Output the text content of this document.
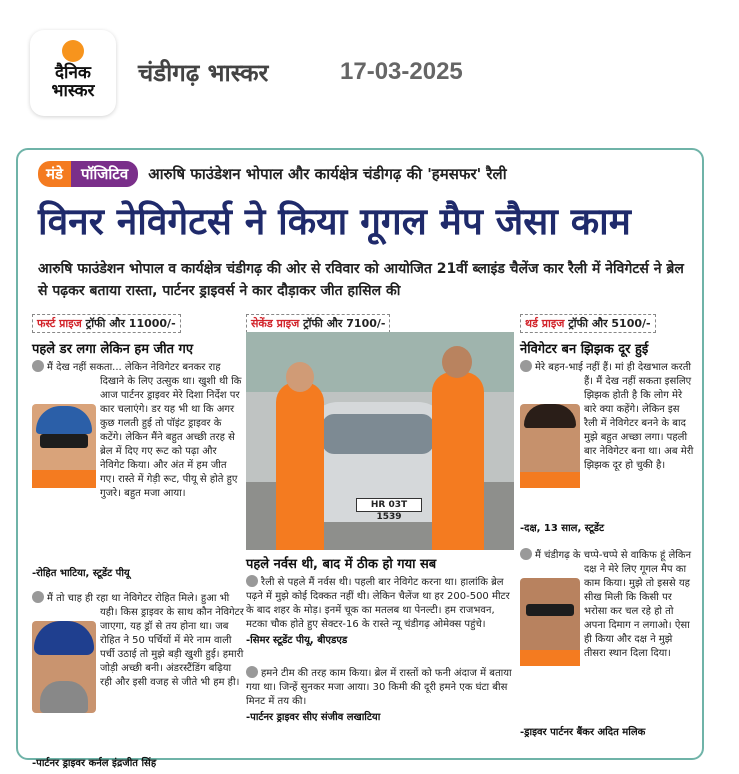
दैनिक
भास्कर
चंडीगढ़ भास्कर	17-03-2025
मंडे	पॉजिटिव	आरुषि फाउंडेशन भोपाल और कार्यक्षेत्र चंडीगढ़ की 'हमसफर' रैली
विनर नेविगेटर्स ने किया गूगल मैप जैसा काम
आरुषि फाउंडेशन भोपाल व कार्यक्षेत्र चंडीगढ़ की ओर से रविवार को आयोजित 21वीं ब्लाइंड चैलेंज कार रैली में नेविगेटर्स ने ब्रेल से पढ़कर बताया रास्ता, पार्टनर ड्राइवर्स ने कार दौड़ाकर जीत हासिल की
फर्स्ट प्राइज ट्रॉफी और 11000/-
पहले डर लगा लेकिन हम जीत गए
मैं देख नहीं सकता... लेकिन नेविगेटर बनकर राह दिखाने के लिए उत्सुक था। खुशी थी कि आज पार्टनर ड्राइवर मेरे दिशा निर्देश पर कार चलाएंगे। डर यह भी था कि अगर कुछ गलती हुई तो पॉइंट ड्राइवर के कटेंगे। लेकिन मैंने बहुत अच्छी तरह से ब्रेल में दिए गए रूट को पढ़ा और नेविगेट किया। और अंत में हम जीत गए। रास्ते में गेड़ी रूट, पीयू से होते हुए गुजरे। बहुत मजा आया।
-रोहित भाटिया, स्टूडेंट पीयू
मैं तो चाह ही रहा था नेविगेटर रोहित मिले। हुआ भी यही। किस ड्राइवर के साथ कौन नेविगेटर जाएगा, यह ड्रॉ से तय होना था। जब रोहित ने 50 पर्चियों में मेरे नाम वाली पर्ची उठाई तो मुझे बड़ी खुशी हुई। हमारी जोड़ी अच्छी बनी। अंडरस्टैंडिंग बढ़िया रही और इसी वजह से जीते भी हम ही।
-पार्टनर ड्राइवर कर्नल इंद्रजीत सिंह
सेकेंड प्राइज ट्रॉफी और 7100/-
HR 03T 1539
पहले नर्वस थी, बाद में ठीक हो गया सब
रैली से पहले मैं नर्वस थी। पहली बार नेविगेट करना था। हालांकि ब्रेल पढ़ने में मुझे कोई दिक्कत नहीं थी। लेकिन चैलेंज था हर 200-500 मीटर के बाद शहर के मोड़। इनमें चूक का मतलब था पेनल्टी। हम राजभवन, मटका चौक होते हुए सेक्टर-16 के रास्ते न्यू चंडीगढ़ ओमेक्स पहुंचे।
-सिमर स्टूडेंट पीयू, बीएडएड
हमने टीम की तरह काम किया। ब्रेल में रास्तों को फनी अंदाज में बताया गया था। जिन्हें सुनकर मजा आया। 30 किमी की दूरी हमने एक घंटा बीस मिनट में तय की।
-पार्टनर ड्राइवर सीए संजीव लखाटिया
थर्ड प्राइज ट्रॉफी और 5100/-
नेविगेटर बन झिझक दूर हुई
मेरे बहन-भाई नहीं हैं। मां ही देखभाल करती हैं। मैं देख नहीं सकता इसलिए झिझक होती है कि लोग मेरे बारे क्या कहेंगे। लेकिन इस रैली में नेविगेटर बनने के बाद मुझे बहुत अच्छा लगा। पहली बार नेविगेटर बना था। अब मेरी झिझक दूर हो चुकी है।
-दक्ष, 13 साल, स्टूडेंट
मैं चंडीगढ़ के चप्पे-चप्पे से वाकिफ हूं लेकिन दक्ष ने मेरे लिए गूगल मैप का काम किया। मुझे तो इससे यह सीख मिली कि किसी पर भरोसा कर चल रहे हो तो अपना दिमाग न लगाओ। ऐसा ही किया और दक्ष ने मुझे तीसरा स्थान दिला दिया।
-ड्राइवर पार्टनर बैंकर अदित मलिक
